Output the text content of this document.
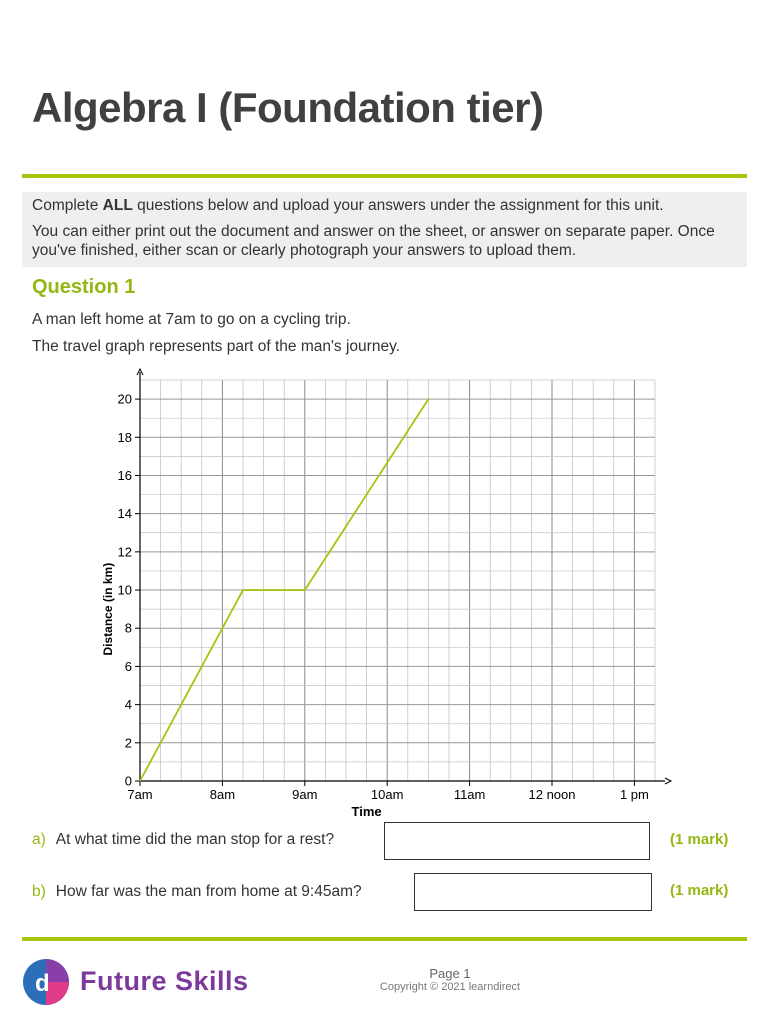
Algebra I (Foundation tier)

Complete ALL questions below and upload your answers under the assignment for this unit.

You can either print out the document and answer on the sheet, or answer on separate paper. Once you've finished, either scan or clearly photograph your answers to upload them.

Question 1

A man left home at 7am to go on a cycling trip.

The travel graph represents part of the man's journey.

0
2
4
6
8
10
12
14
16
18
20
7am	8am	9am	10am	11am	12 noon	1 pm
Time
Distance (in km)
a) At what time did the man stop for a rest?	(1 mark)
b) How far was the man from home at 9:45am?	(1 mark)
d Future Skills	Page 1
Copyright © 2021 learndirect
